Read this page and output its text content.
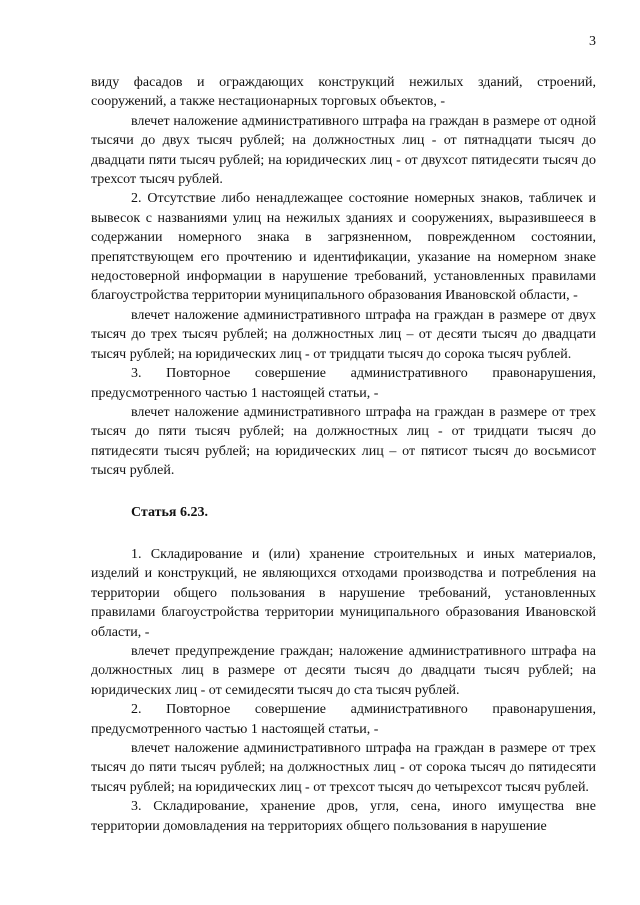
3

виду фасадов и ограждающих конструкций нежилых зданий, строений, сооружений, а также нестационарных торговых объектов, -

влечет наложение административного штрафа на граждан в размере от одной тысячи до двух тысяч рублей; на должностных лиц - от пятнадцати тысяч до двадцати пяти тысяч рублей; на юридических лиц - от двухсот пятидесяти тысяч до трехсот тысяч рублей.

2. Отсутствие либо ненадлежащее состояние номерных знаков, табличек и вывесок с названиями улиц на нежилых зданиях и сооружениях, выразившееся в содержании номерного знака в загрязненном, поврежденном состоянии, препятствующем его прочтению и идентификации, указание на номерном знаке недостоверной информации в нарушение требований, установленных правилами благоустройства территории муниципального образования Ивановской области, -

влечет наложение административного штрафа на граждан в размере от двух тысяч до трех тысяч рублей; на должностных лиц – от десяти тысяч до двадцати тысяч рублей; на юридических лиц - от тридцати тысяч до сорока тысяч рублей.

3. Повторное совершение административного правонарушения, предусмотренного частью 1 настоящей статьи, -

влечет наложение административного штрафа на граждан в размере от трех тысяч до пяти тысяч рублей; на должностных лиц - от тридцати тысяч до пятидесяти тысяч рублей; на юридических лиц – от пятисот тысяч до восьмисот тысяч рублей.

Статья 6.23.

1. Складирование и (или) хранение строительных и иных материалов, изделий и конструкций, не являющихся отходами производства и потребления на территории общего пользования в нарушение требований, установленных правилами благоустройства территории муниципального образования Ивановской области, -

влечет предупреждение граждан; наложение административного штрафа на должностных лиц в размере от десяти тысяч до двадцати тысяч рублей; на юридических лиц - от семидесяти тысяч до ста тысяч рублей.

2. Повторное совершение административного правонарушения, предусмотренного частью 1 настоящей статьи, -

влечет наложение административного штрафа на граждан в размере от трех тысяч до пяти тысяч рублей; на должностных лиц - от сорока тысяч до пятидесяти тысяч рублей; на юридических лиц - от трехсот тысяч до четырехсот тысяч рублей.

3. Складирование, хранение дров, угля, сена, иного имущества вне территории домовладения на территориях общего пользования в нарушение
